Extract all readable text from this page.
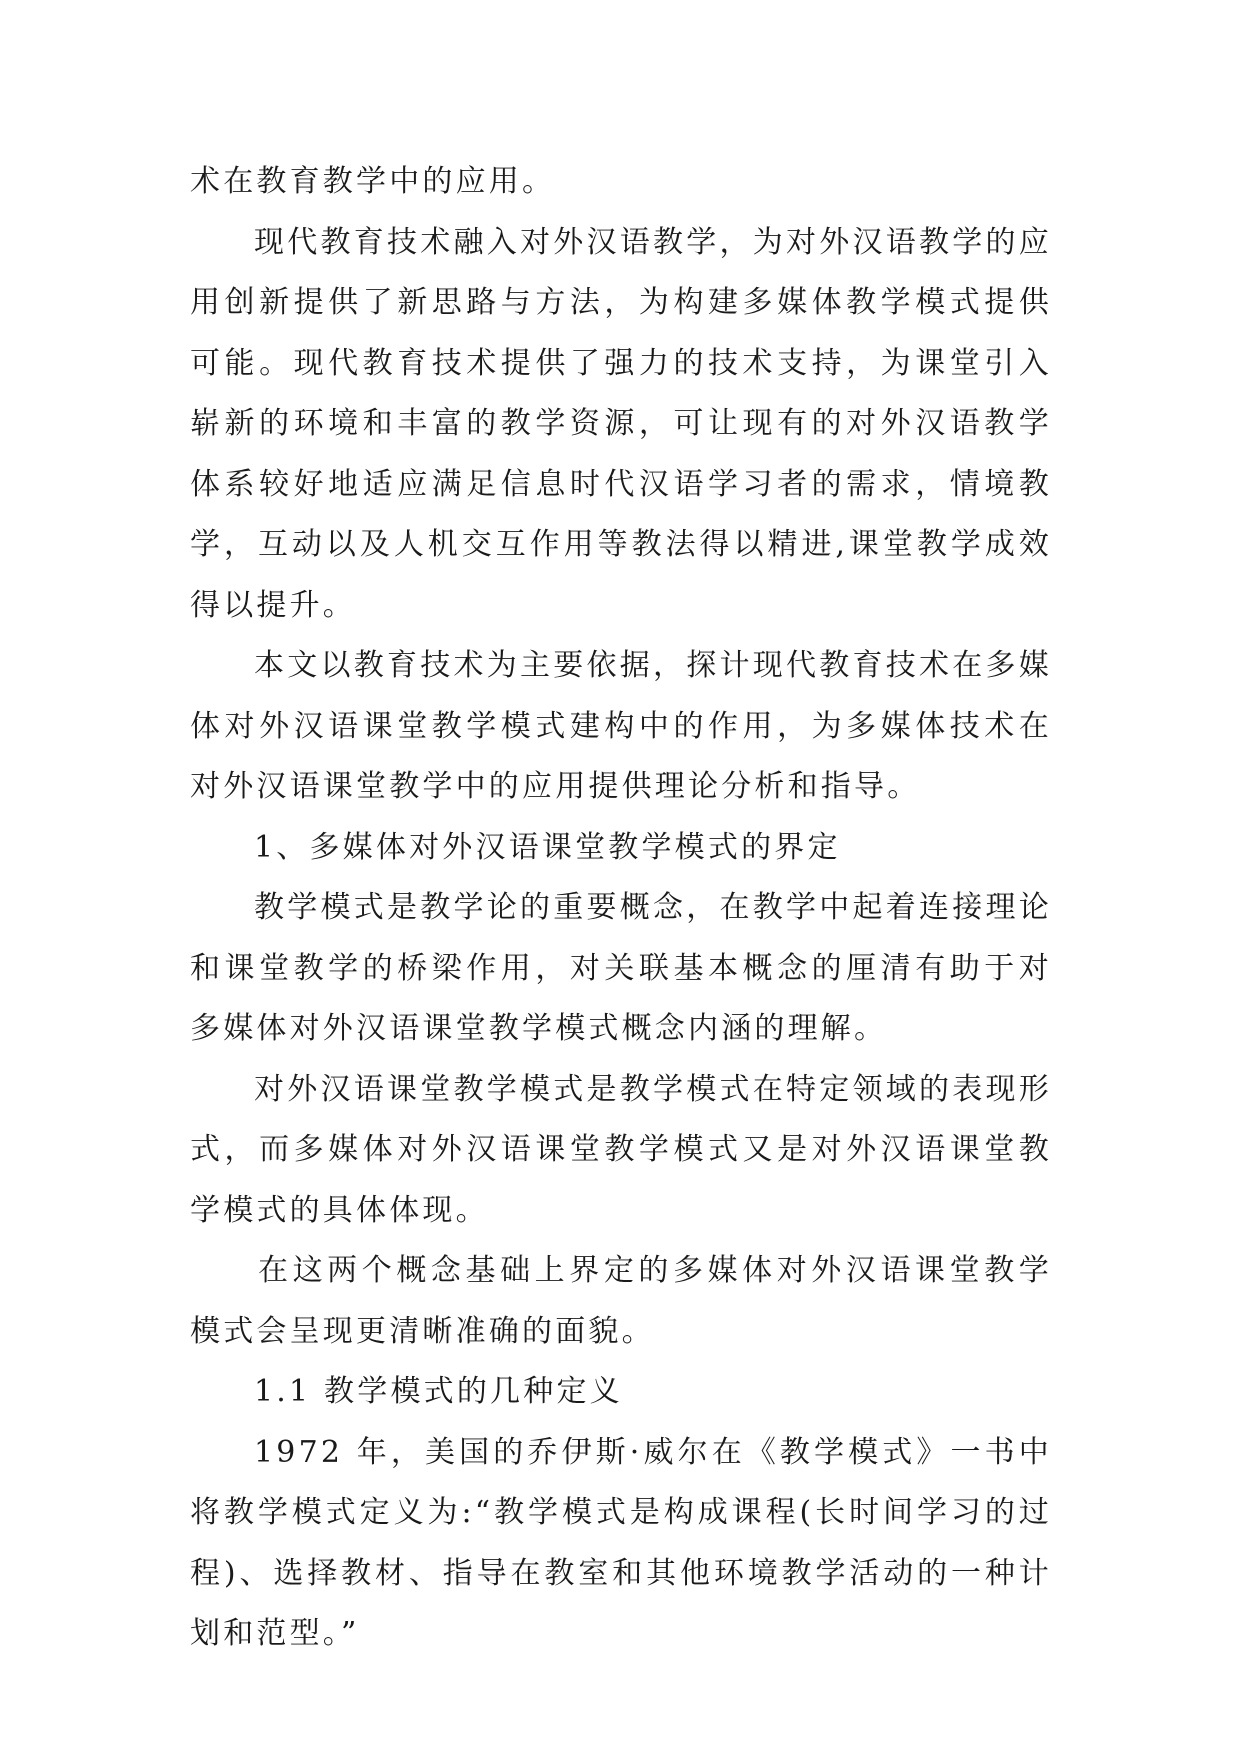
术在教育教学中的应用。

现代教育技术融入对外汉语教学，为对外汉语教学的应用创新提供了新思路与方法，为构建多媒体教学模式提供可能。现代教育技术提供了强力的技术支持，为课堂引入崭新的环境和丰富的教学资源，可让现有的对外汉语教学体系较好地适应满足信息时代汉语学习者的需求，情境教学，互动以及人机交互作用等教法得以精进,课堂教学成效得以提升。

本文以教育技术为主要依据，探计现代教育技术在多媒体对外汉语课堂教学模式建构中的作用，为多媒体技术在对外汉语课堂教学中的应用提供理论分析和指导。

1、多媒体对外汉语课堂教学模式的界定

教学模式是教学论的重要概念，在教学中起着连接理论和课堂教学的桥梁作用，对关联基本概念的厘清有助于对多媒体对外汉语课堂教学模式概念内涵的理解。

对外汉语课堂教学模式是教学模式在特定领域的表现形式，而多媒体对外汉语课堂教学模式又是对外汉语课堂教学模式的具体体现。

在这两个概念基础上界定的多媒体对外汉语课堂教学模式会呈现更清晰准确的面貌。

1.1 教学模式的几种定义

1972 年，美国的乔伊斯·威尔在《教学模式》一书中将教学模式定义为:“教学模式是构成课程(长时间学习的过程)、选择教材、指导在教室和其他环境教学活动的一种计划和范型。”
